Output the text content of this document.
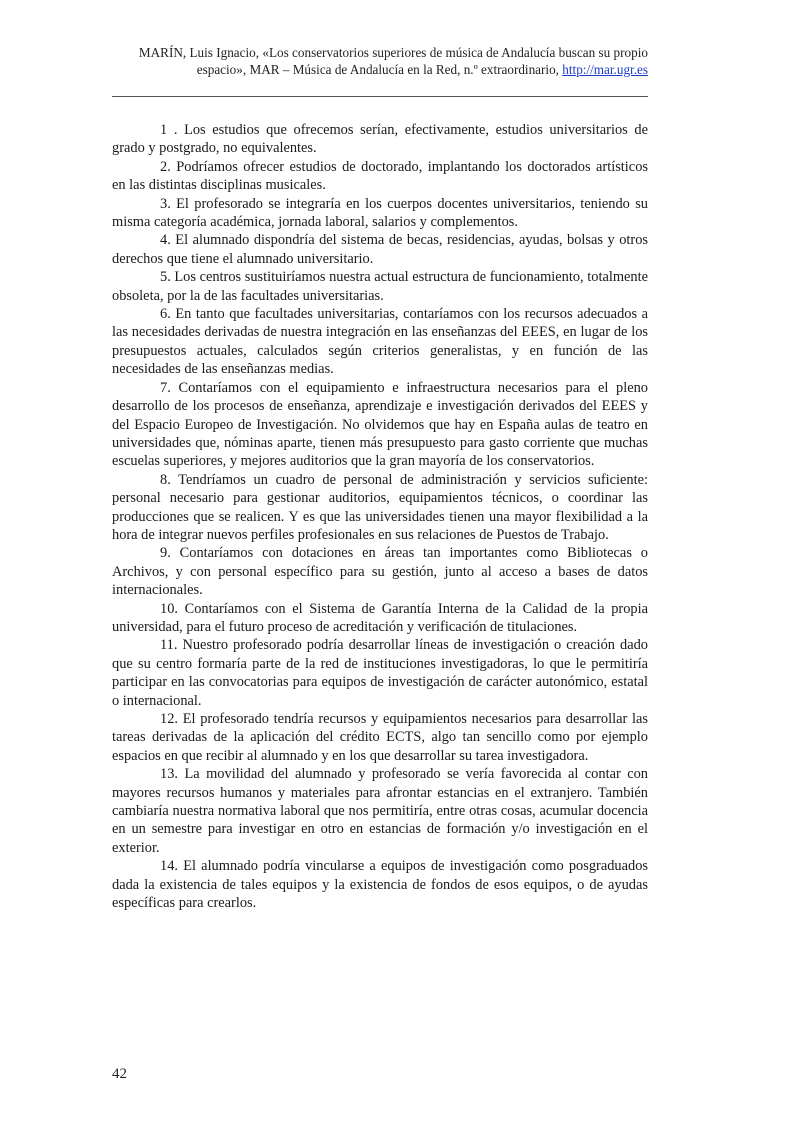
MARÍN, Luis Ignacio, «Los conservatorios superiores de música de Andalucía buscan su propio espacio», MAR – Música de Andalucía en la Red, n.º extraordinario, http://mar.ugr.es

1 . Los estudios que ofrecemos serían, efectivamente, estudios universitarios de grado y postgrado, no equivalentes.

2. Podríamos ofrecer estudios de doctorado, implantando los doctorados artísticos en las distintas disciplinas musicales.

3. El profesorado se integraría en los cuerpos docentes universitarios, teniendo su misma categoría académica, jornada laboral, salarios y complementos.

4. El alumnado dispondría del sistema de becas, residencias, ayudas, bolsas y otros derechos que tiene el alumnado universitario.

5. Los centros sustituiríamos nuestra actual estructura de funcionamiento, totalmente obsoleta, por la de las facultades universitarias.

6. En tanto que facultades universitarias, contaríamos con los recursos adecuados a las necesidades derivadas de nuestra integración en las enseñanzas del EEES, en lugar de los presupuestos actuales, calculados según criterios generalistas, y en función de las necesidades de las enseñanzas medias.

7. Contaríamos con el equipamiento e infraestructura necesarios para el pleno desarrollo de los procesos de enseñanza, aprendizaje e investigación derivados del EEES y del Espacio Europeo de Investigación. No olvidemos que hay en España aulas de teatro en universidades que, nóminas aparte, tienen más presupuesto para gasto corriente que muchas escuelas superiores, y mejores auditorios que la gran mayoría de los conservatorios.

8. Tendríamos un cuadro de personal de administración y servicios suficiente: personal necesario para gestionar auditorios, equipamientos técnicos, o coordinar las producciones que se realicen. Y es que las universidades tienen una mayor flexibilidad a la hora de integrar nuevos perfiles profesionales en sus relaciones de Puestos de Trabajo.

9. Contaríamos con dotaciones en áreas tan importantes como Bibliotecas o Archivos, y con personal específico para su gestión, junto al acceso a bases de datos internacionales.

10. Contaríamos con el Sistema de Garantía Interna de la Calidad de la propia universidad, para el futuro proceso de acreditación y verificación de titulaciones.

11. Nuestro profesorado podría desarrollar líneas de investigación o creación dado que su centro formaría parte de la red de instituciones investigadoras, lo que le permitiría participar en las convocatorias para equipos de investigación de carácter autonómico, estatal o internacional.

12. El profesorado tendría recursos y equipamientos necesarios para desarrollar las tareas derivadas de la aplicación del crédito ECTS, algo tan sencillo como por ejemplo espacios en que recibir al alumnado y en los que desarrollar su tarea investigadora.

13. La movilidad del alumnado y profesorado se vería favorecida al contar con mayores recursos humanos y materiales para afrontar estancias en el extranjero. También cambiaría nuestra normativa laboral que nos permitiría, entre otras cosas, acumular docencia en un semestre para investigar en otro en estancias de formación y/o investigación en el exterior.

14. El alumnado podría vincularse a equipos de investigación como posgraduados dada la existencia de tales equipos y la existencia de fondos de esos equipos, o de ayudas específicas para crearlos.

42
